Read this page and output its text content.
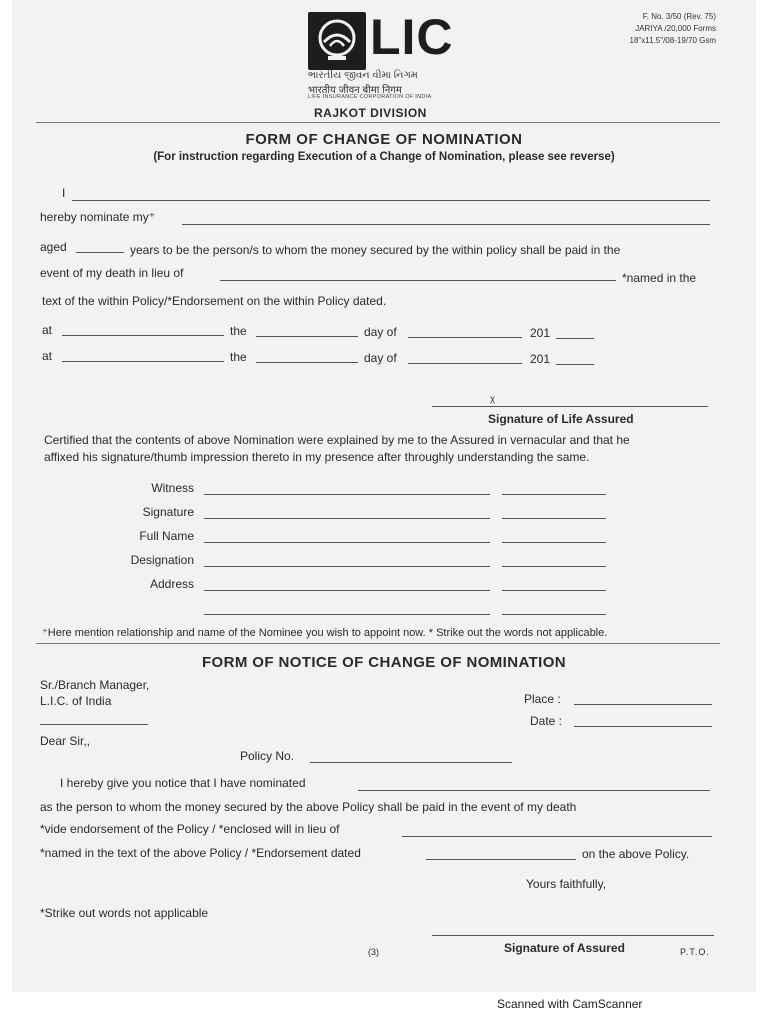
LIC
ભારતીય જીવન વીમા નિગમ
भारतीय जीवन बीमा निगम
LIFE INSURANCE CORPORATION OF INDIA
RAJKOT DIVISION
F. No. 3/50 (Rev. 75)
JARIYA /20,000 Forms
18"x11.5"/08-19/70 Gsm
FORM OF CHANGE OF NOMINATION
(For instruction regarding Execution of a Change of Nomination, please see reverse)
I
hereby nominate my⁺
aged	years to be the person/s to whom the money secured by the within policy shall be paid in the
event of my death in lieu of	*named in the
text of the within Policy/*Endorsement on the within Policy dated.
at	the	day of	201
at	the	day of	201
ᵡ
Signature of Life Assured
Certified that the contents of above Nomination were explained by me to the Assured in vernacular and that he
affixed his signature/thumb impression thereto in my presence after throughly understanding the same.
Witness
Signature
Full Name
Designation
Address
⁺Here mention relationship and name of the Nominee you wish to appoint now. * Strike out the words not applicable.
FORM OF NOTICE OF CHANGE OF NOMINATION
Sr./Branch Manager,
L.I.C. of India	Place :
Date :
Dear Sir,,
Policy No.
I hereby give you notice that I have nominated
as the person to whom the money secured by the above Policy shall be paid in the event of my death
*vide endorsement of the Policy / *enclosed will in lieu of
*named in the text of the above Policy / *Endorsement dated	on the above Policy.
Yours faithfully,
*Strike out words not applicable
Signature of Assured
(3)	P.T.O.
Scanned with CamScanner
